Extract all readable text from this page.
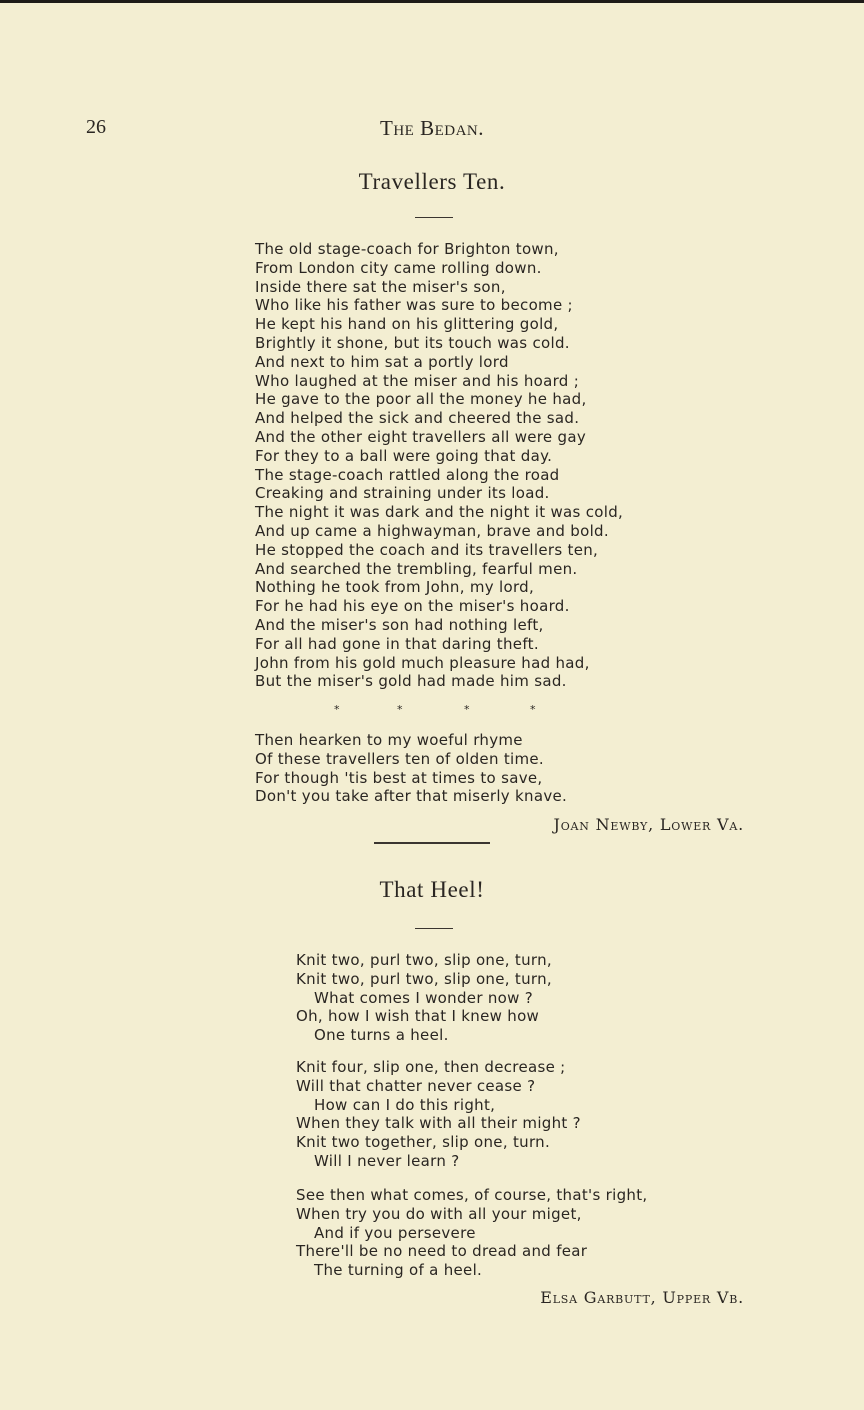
26	The Bedan.
Travellers Ten.
The old stage-coach for Brighton town,
From London city came rolling down.
Inside there sat the miser's son,
Who like his father was sure to become ;
He kept his hand on his glittering gold,
Brightly it shone, but its touch was cold.
And next to him sat a portly lord
Who laughed at the miser and his hoard ;
He gave to the poor all the money he had,
And helped the sick and cheered the sad.
And the other eight travellers all were gay
For they to a ball were going that day.
The stage-coach rattled along the road
Creaking and straining under its load.
The night it was dark and the night it was cold,
And up came a highwayman, brave and bold.
He stopped the coach and its travellers ten,
And searched the trembling, fearful men.
Nothing he took from John, my lord,
For he had his eye on the miser's hoard.
And the miser's son had nothing left,
For all had gone in that daring theft.
John from his gold much pleasure had had,
But the miser's gold had made him sad.
*	*	*	*
Then hearken to my woeful rhyme
Of these travellers ten of olden time.
For though 'tis best at times to save,
Don't you take after that miserly knave.
Joan Newby, Lower Va.
That Heel!
Knit two, purl two, slip one, turn,
Knit two, purl two, slip one, turn,
What comes I wonder now ?
Oh, how I wish that I knew how
One turns a heel.
Knit four, slip one, then decrease ;
Will that chatter never cease ?
How can I do this right,
When they talk with all their might ?
Knit two together, slip one, turn.
Will I never learn ?
See then what comes, of course, that's right,
When try you do with all your miget,
And if you persevere
There'll be no need to dread and fear
The turning of a heel.
Elsa Garbutt, Upper Vb.
